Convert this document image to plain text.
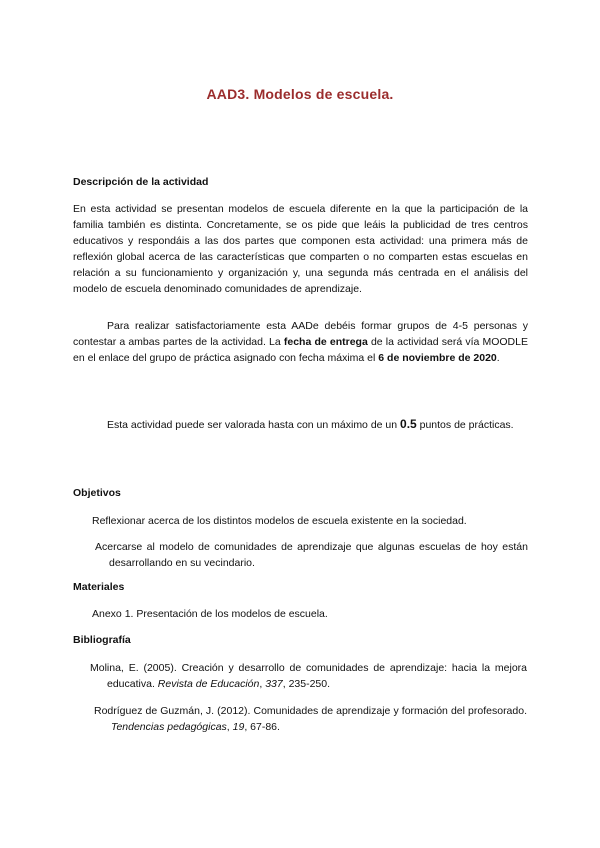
AAD3. Modelos de escuela.
Descripción de la actividad
En esta actividad se presentan modelos de escuela diferente en la que la participación de la familia también es distinta. Concretamente, se os pide que leáis la publicidad de tres centros educativos y respondáis a las dos partes que componen esta actividad: una primera más de reflexión global acerca de las características que comparten o no comparten estas escuelas en relación a su funcionamiento y organización y, una segunda más centrada en el análisis del modelo de escuela denominado comunidades de aprendizaje.
Para realizar satisfactoriamente esta AADe debéis formar grupos de 4-5 personas y contestar a ambas partes de la actividad. La fecha de entrega de la actividad será vía MOODLE en el enlace del grupo de práctica asignado con fecha máxima el 6 de noviembre de 2020.
Esta actividad puede ser valorada hasta con un máximo de un 0.5 puntos de prácticas.
Objetivos
Reflexionar acerca de los distintos modelos de escuela existente en la sociedad.
Acercarse al modelo de comunidades de aprendizaje que algunas escuelas de hoy están desarrollando en su vecindario.
Materiales
Anexo 1. Presentación de los modelos de escuela.
Bibliografía
Molina, E. (2005). Creación y desarrollo de comunidades de aprendizaje: hacia la mejora educativa. Revista de Educación, 337, 235-250.
Rodríguez de Guzmán, J. (2012). Comunidades de aprendizaje y formación del profesorado. Tendencias pedagógicas, 19, 67-86.
